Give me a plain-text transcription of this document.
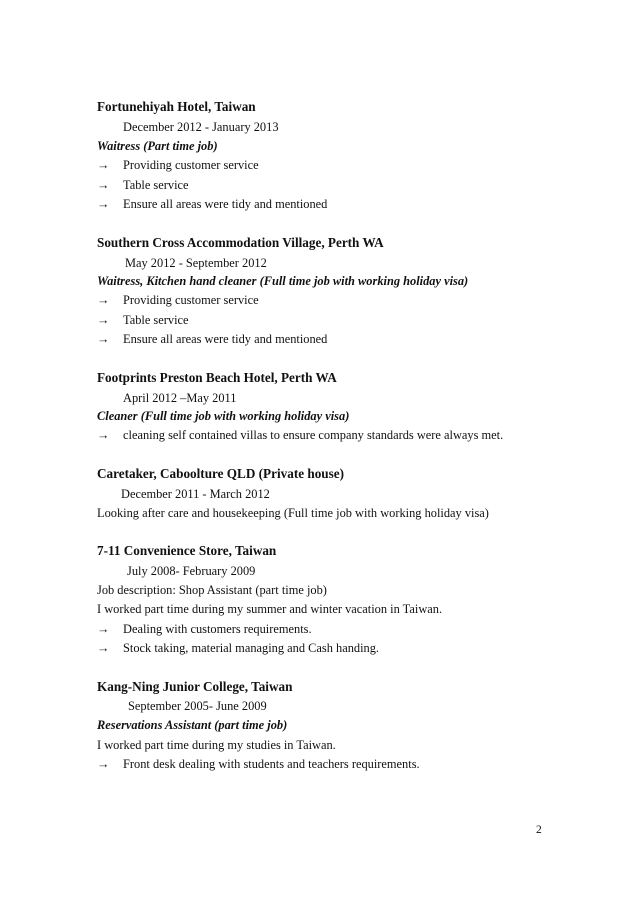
Fortunehiyah Hotel, Taiwan
December 2012 - January 2013
Waitress (Part time job)
→ Providing customer service
→ Table service
→ Ensure all areas were tidy and mentioned
Southern Cross Accommodation Village, Perth WA
May 2012 - September 2012
Waitress, Kitchen hand cleaner (Full time job with working holiday visa)
→ Providing customer service
→ Table service
→ Ensure all areas were tidy and mentioned
Footprints Preston Beach Hotel, Perth WA
April 2012 –May 2011
Cleaner (Full time job with working holiday visa)
→ cleaning self contained villas to ensure company standards were always met.
Caretaker, Caboolture QLD (Private house)
December 2011 - March 2012
Looking after care and housekeeping (Full time job with working holiday visa)
7-11 Convenience Store, Taiwan
July 2008- February 2009
Job description: Shop Assistant (part time job)
I worked part time during my summer and winter vacation in Taiwan.
→ Dealing with customers requirements.
→ Stock taking, material managing and Cash handing.
Kang-Ning Junior College, Taiwan
September 2005- June 2009
Reservations Assistant (part time job)
I worked part time during my studies in Taiwan.
→ Front desk dealing with students and teachers requirements.
2
